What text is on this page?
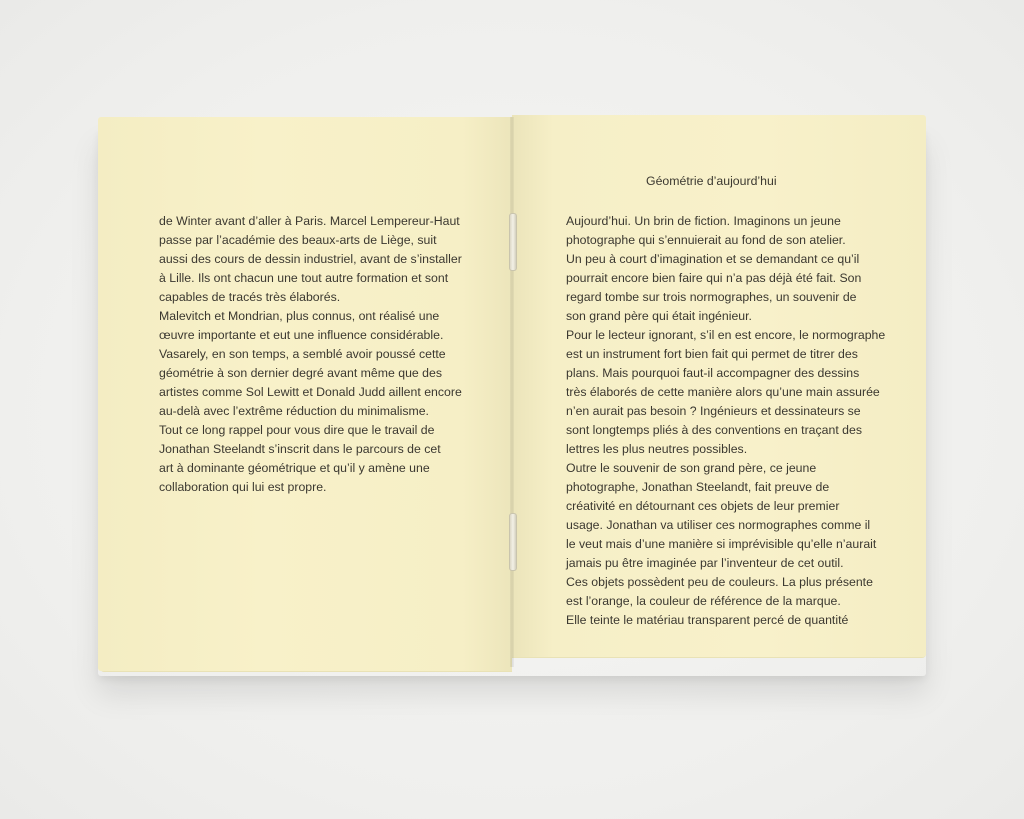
de Winter avant d’aller à Paris. Marcel Lempereur-Haut
passe par l’académie des beaux-arts de Liège, suit
aussi des cours de dessin industriel, avant de s’installer
à Lille. Ils ont chacun une tout autre formation et sont
capables de tracés très élaborés.
Malevitch et Mondrian, plus connus, ont réalisé une
œuvre importante et eut une influence considérable.
Vasarely, en son temps, a semblé avoir poussé cette
géométrie à son dernier degré avant même que des
artistes comme Sol Lewitt et Donald Judd aillent encore
au-delà avec l’extrême réduction du minimalisme.
Tout ce long rappel pour vous dire que le travail de
Jonathan Steelandt s’inscrit dans le parcours de cet
art à dominante géométrique et qu’il y amène une
collaboration qui lui est propre.
Géométrie d’aujourd’hui
Aujourd’hui. Un brin de fiction. Imaginons un jeune
photographe qui s’ennuierait au fond de son atelier.
Un peu à court d’imagination et se demandant ce qu’il
pourrait encore bien faire qui n’a pas déjà été fait. Son
regard tombe sur trois normographes, un souvenir de
son grand père qui était ingénieur.
Pour le lecteur ignorant, s’il en est encore, le normographe
est un instrument fort bien fait qui permet de titrer des
plans. Mais pourquoi faut-il accompagner des dessins
très élaborés de cette manière alors qu’une main assurée
n’en aurait pas besoin ? Ingénieurs et dessinateurs se
sont longtemps pliés à des conventions en traçant des
lettres les plus neutres possibles.
Outre le souvenir de son grand père, ce jeune
photographe, Jonathan Steelandt, fait preuve de
créativité en détournant ces objets de leur premier
usage. Jonathan va utiliser ces normographes comme il
le veut mais d’une manière si imprévisible qu’elle n’aurait
jamais pu être imaginée par l’inventeur de cet outil.
Ces objets possèdent peu de couleurs. La plus présente
est l’orange, la couleur de référence de la marque.
Elle teinte le matériau transparent percé de quantité
